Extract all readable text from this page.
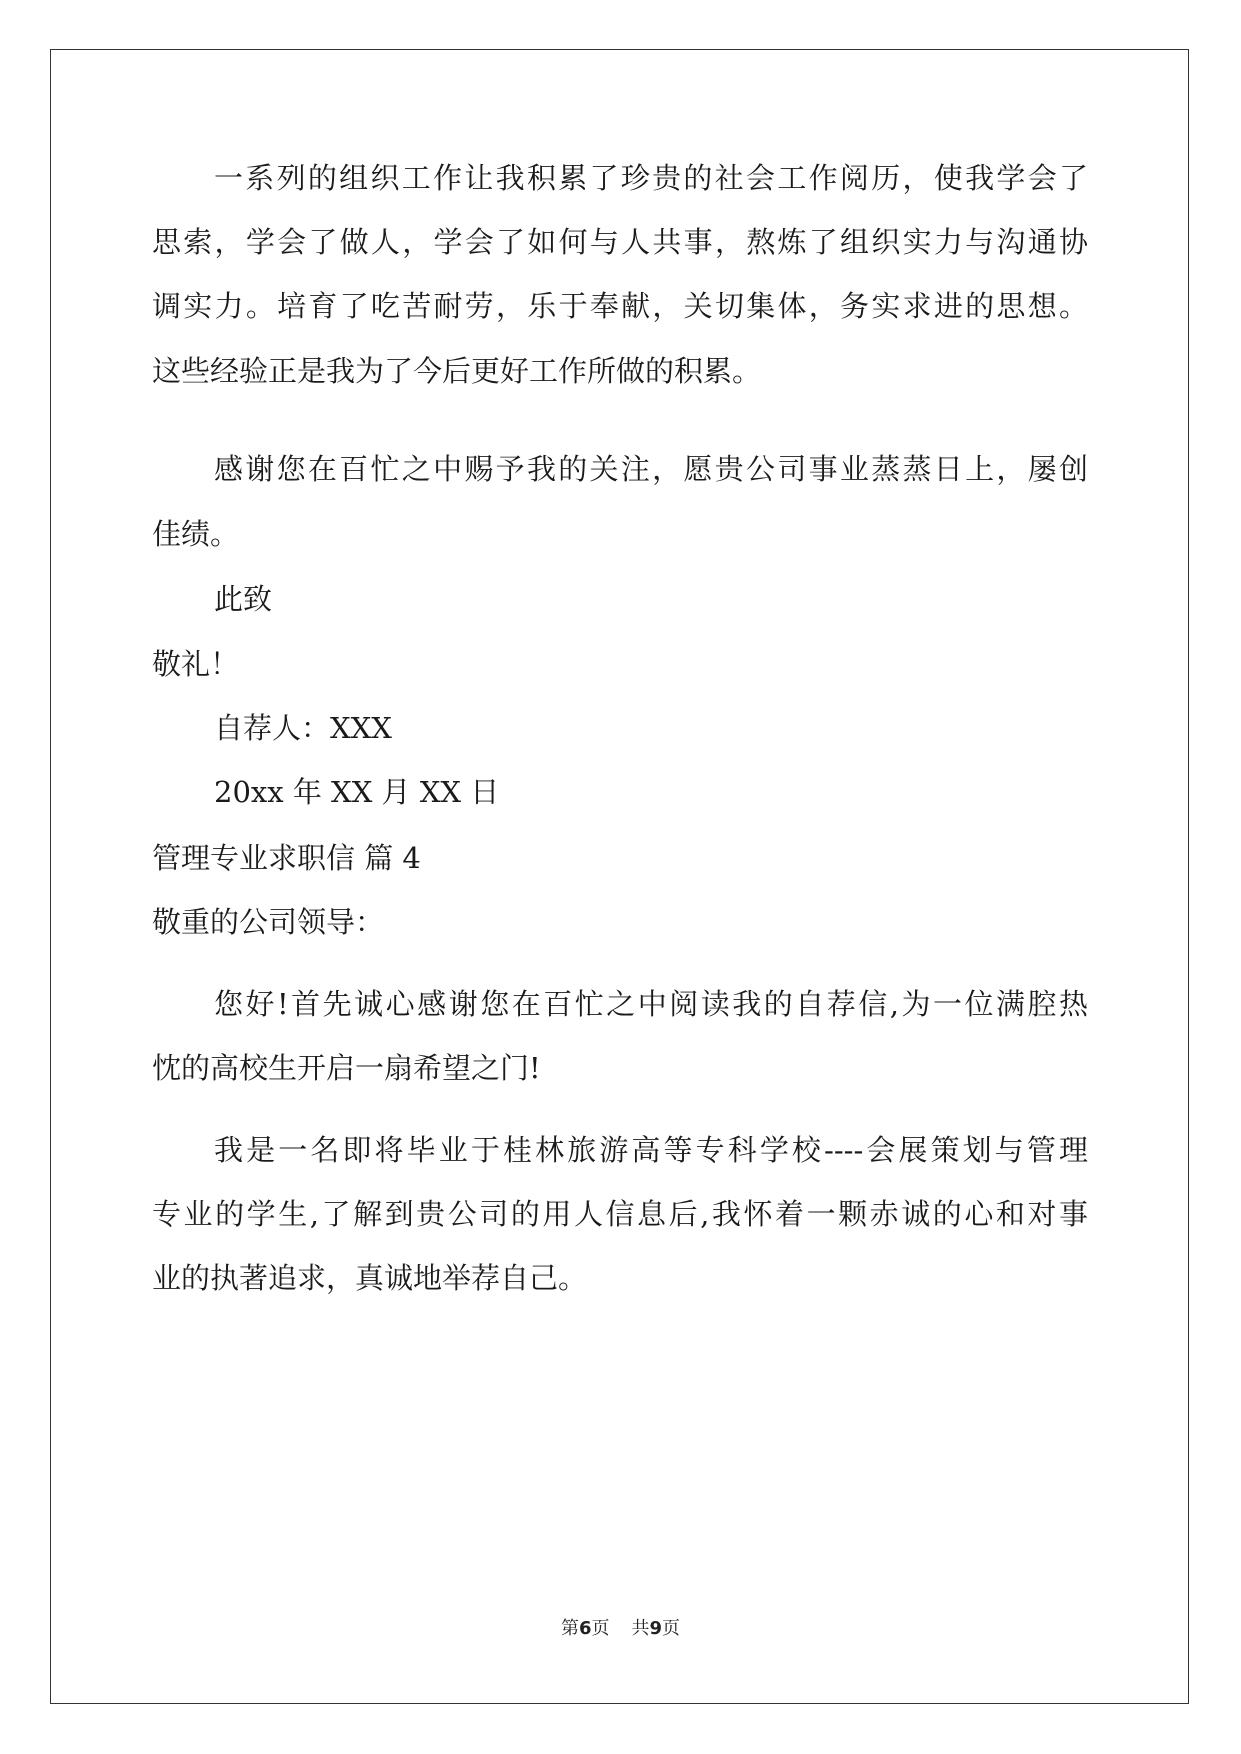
一系列的组织工作让我积累了珍贵的社会工作阅历，使我学会了
思索，学会了做人，学会了如何与人共事，熬炼了组织实力与沟通协
调实力。培育了吃苦耐劳，乐于奉献，关切集体，务实求进的思想。
这些经验正是我为了今后更好工作所做的积累。
感谢您在百忙之中赐予我的关注，愿贵公司事业蒸蒸日上，屡创
佳绩。
此致
敬礼！
自荐人：XXX
20xx 年 XX 月 XX 日
管理专业求职信 篇 4
敬重的公司领导：
您好!首先诚心感谢您在百忙之中阅读我的自荐信,为一位满腔热
忱的高校生开启一扇希望之门!
我是一名即将毕业于桂林旅游高等专科学校----会展策划与管理
专业的学生,了解到贵公司的用人信息后,我怀着一颗赤诚的心和对事
业的执著追求，真诚地举荐自己。
第6页 共9页
